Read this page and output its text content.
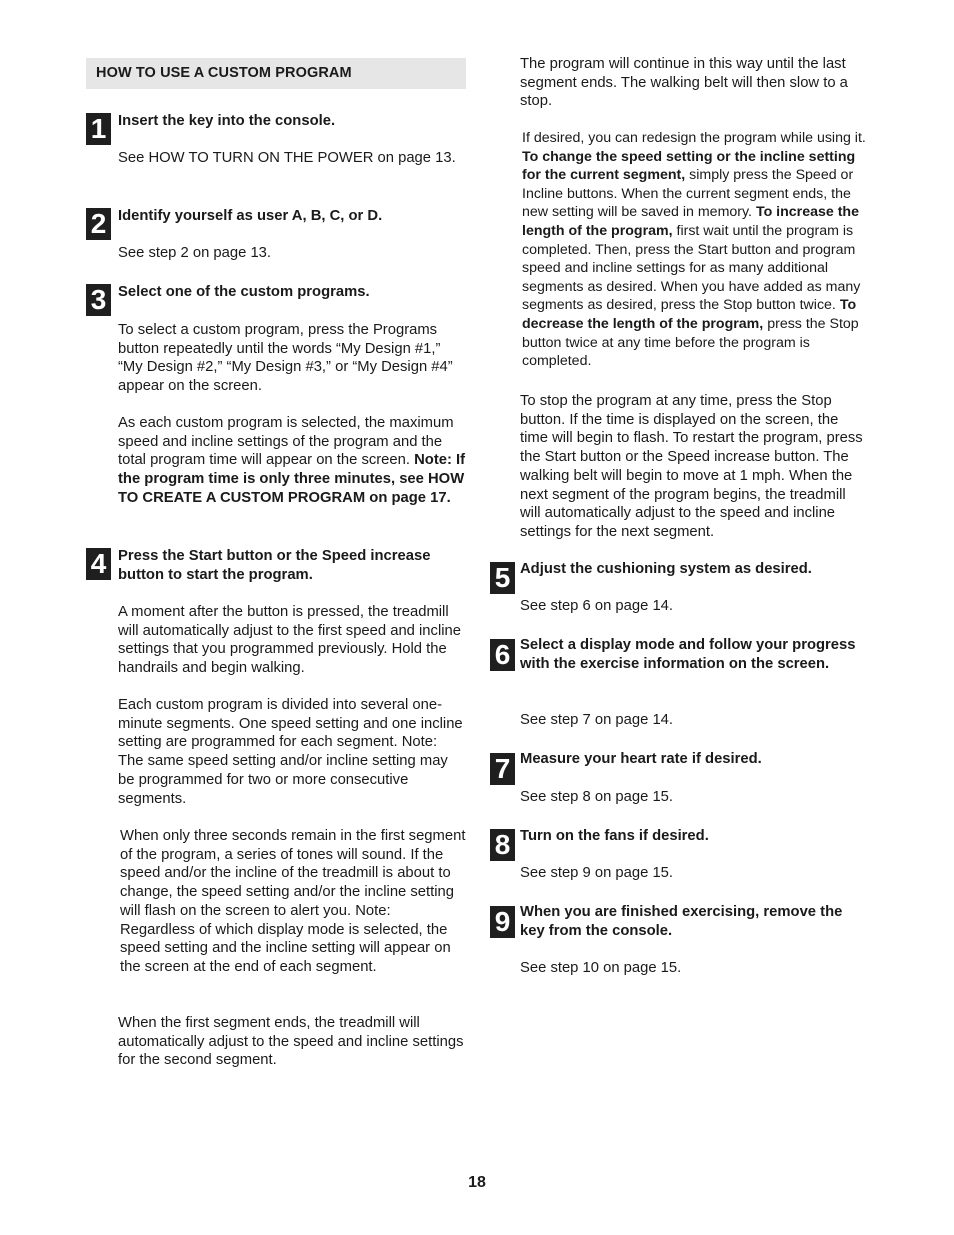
HOW TO USE A CUSTOM PROGRAM
1 Insert the key into the console.

See HOW TO TURN ON THE POWER on page 13.

2 Identify yourself as user A, B, C, or D.

See step 2 on page 13.

3 Select one of the custom programs.

To select a custom program, press the Programs button repeatedly until the words “My Design #1,” “My Design #2,” “My Design #3,” or “My Design #4” appear on the screen.

As each custom program is selected, the maximum speed and incline settings of the program and the total program time will appear on the screen. Note: If the program time is only three minutes, see HOW TO CREATE A CUSTOM PROGRAM on page 17.

4 Press the Start button or the Speed increase button to start the program.

A moment after the button is pressed, the treadmill will automatically adjust to the first speed and incline settings that you programmed previously. Hold the handrails and begin walking.

Each custom program is divided into several one-minute segments. One speed setting and one incline setting are programmed for each segment. Note: The same speed setting and/or incline setting may be programmed for two or more consecutive segments.

When only three seconds remain in the first segment of the program, a series of tones will sound. If the speed and/or the incline of the treadmill is about to change, the speed setting and/or the incline setting will flash on the screen to alert you. Note: Regardless of which display mode is selected, the speed setting and the incline setting will appear on the screen at the end of each segment.

When the first segment ends, the treadmill will automatically adjust to the speed and incline settings for the second segment.

The program will continue in this way until the last segment ends. The walking belt will then slow to a stop.

If desired, you can redesign the program while using it. To change the speed setting or the incline setting for the current segment, simply press the Speed or Incline buttons. When the current segment ends, the new setting will be saved in memory. To increase the length of the program, first wait until the program is completed. Then, press the Start button and program speed and incline settings for as many additional segments as desired. When you have added as many segments as desired, press the Stop button twice. To decrease the length of the program, press the Stop button twice at any time before the program is completed.

To stop the program at any time, press the Stop button. If the time is displayed on the screen, the time will begin to flash. To restart the program, press the Start button or the Speed increase button. The walking belt will begin to move at 1 mph. When the next segment of the program begins, the treadmill will automatically adjust to the speed and incline settings for the next segment.

5 Adjust the cushioning system as desired.

See step 6 on page 14.

6 Select a display mode and follow your progress with the exercise information on the screen.

See step 7 on page 14.

7 Measure your heart rate if desired.

See step 8 on page 15.

8 Turn on the fans if desired.

See step 9 on page 15.

9 When you are finished exercising, remove the key from the console.

See step 10 on page 15.

18
